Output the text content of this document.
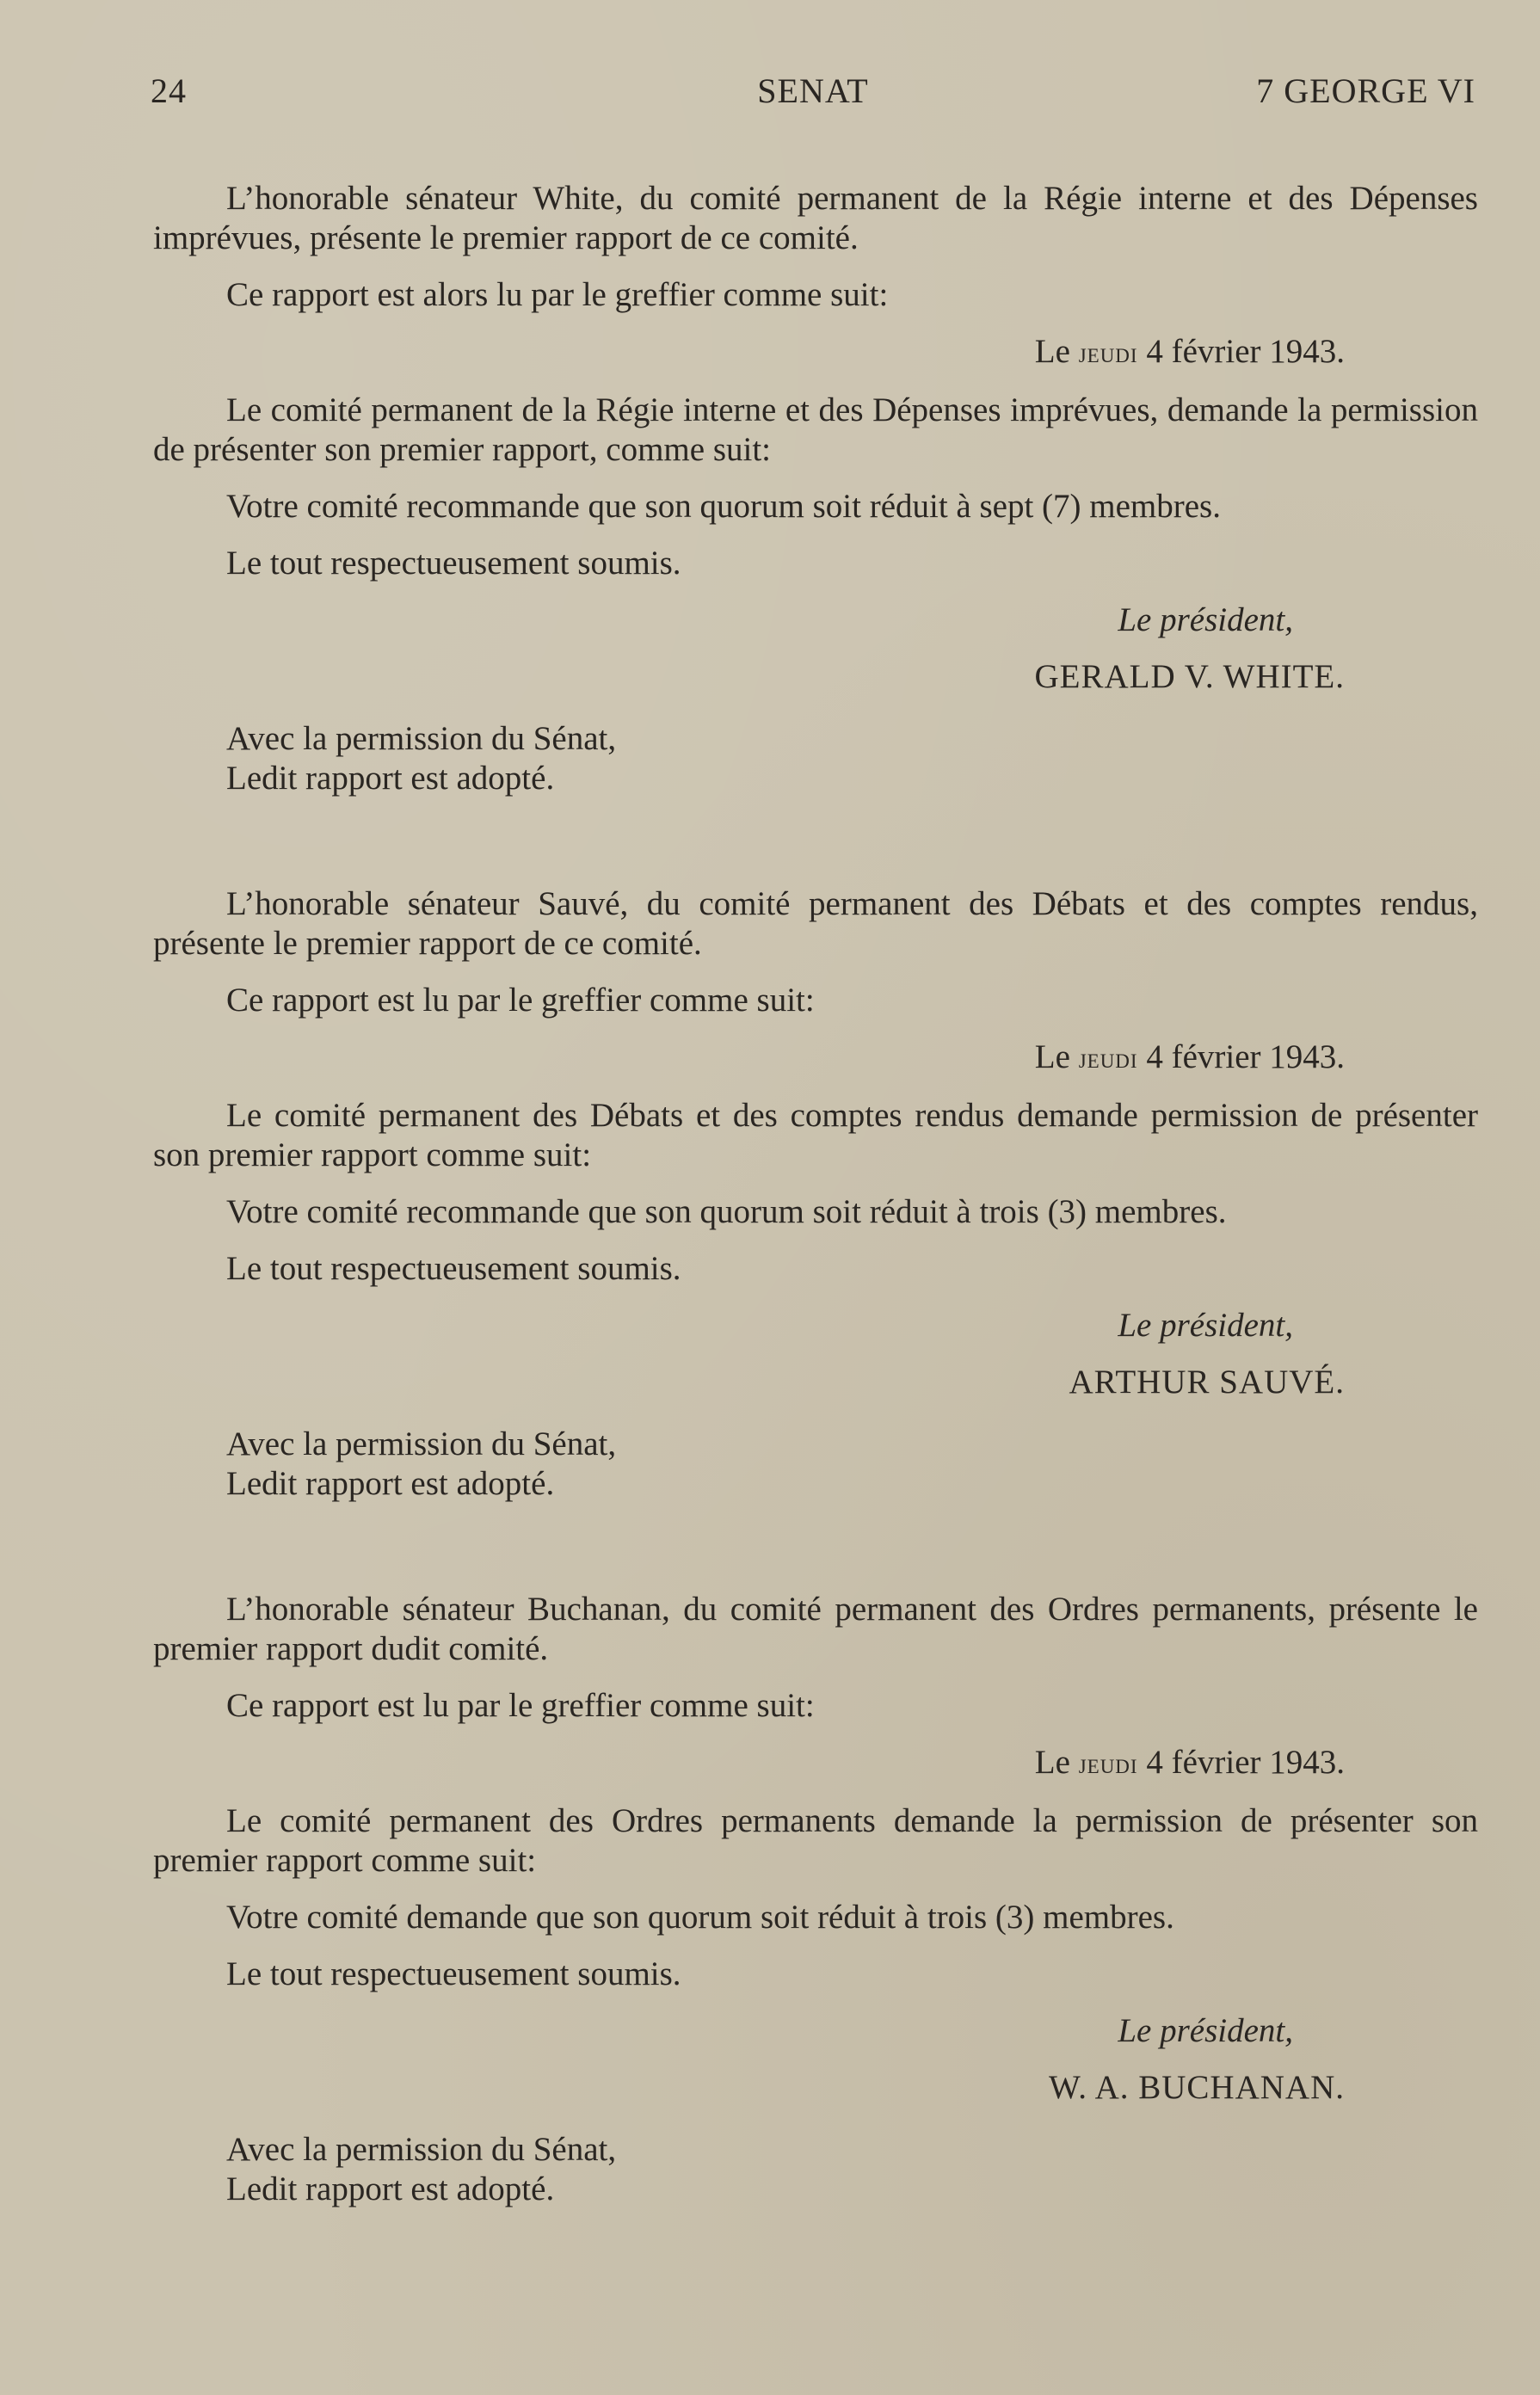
24	SENAT	7 GEORGE VI

L’honorable sénateur White, du comité permanent de la Régie interne et des Dépenses imprévues, présente le premier rapport de ce comité.

Ce rapport est alors lu par le greffier comme suit:

Le jeudi 4 février 1943.

Le comité permanent de la Régie interne et des Dépenses imprévues, demande la permission de présenter son premier rapport, comme suit:

Votre comité recommande que son quorum soit réduit à sept (7) membres.

Le tout respectueusement soumis.

Le président,

GERALD V. WHITE.

Avec la permission du Sénat,

Ledit rapport est adopté.

L’honorable sénateur Sauvé, du comité permanent des Débats et des comptes rendus, présente le premier rapport de ce comité.

Ce rapport est lu par le greffier comme suit:

Le jeudi 4 février 1943.

Le comité permanent des Débats et des comptes rendus demande permission de présenter son premier rapport comme suit:

Votre comité recommande que son quorum soit réduit à trois (3) membres.

Le tout respectueusement soumis.

Le président,

ARTHUR SAUVÉ.

Avec la permission du Sénat,

Ledit rapport est adopté.

L’honorable sénateur Buchanan, du comité permanent des Ordres permanents, présente le premier rapport dudit comité.

Ce rapport est lu par le greffier comme suit:

Le jeudi 4 février 1943.

Le comité permanent des Ordres permanents demande la permission de présenter son premier rapport comme suit:

Votre comité demande que son quorum soit réduit à trois (3) membres.

Le tout respectueusement soumis.

Le président,

W. A. BUCHANAN.

Avec la permission du Sénat,

Ledit rapport est adopté.
